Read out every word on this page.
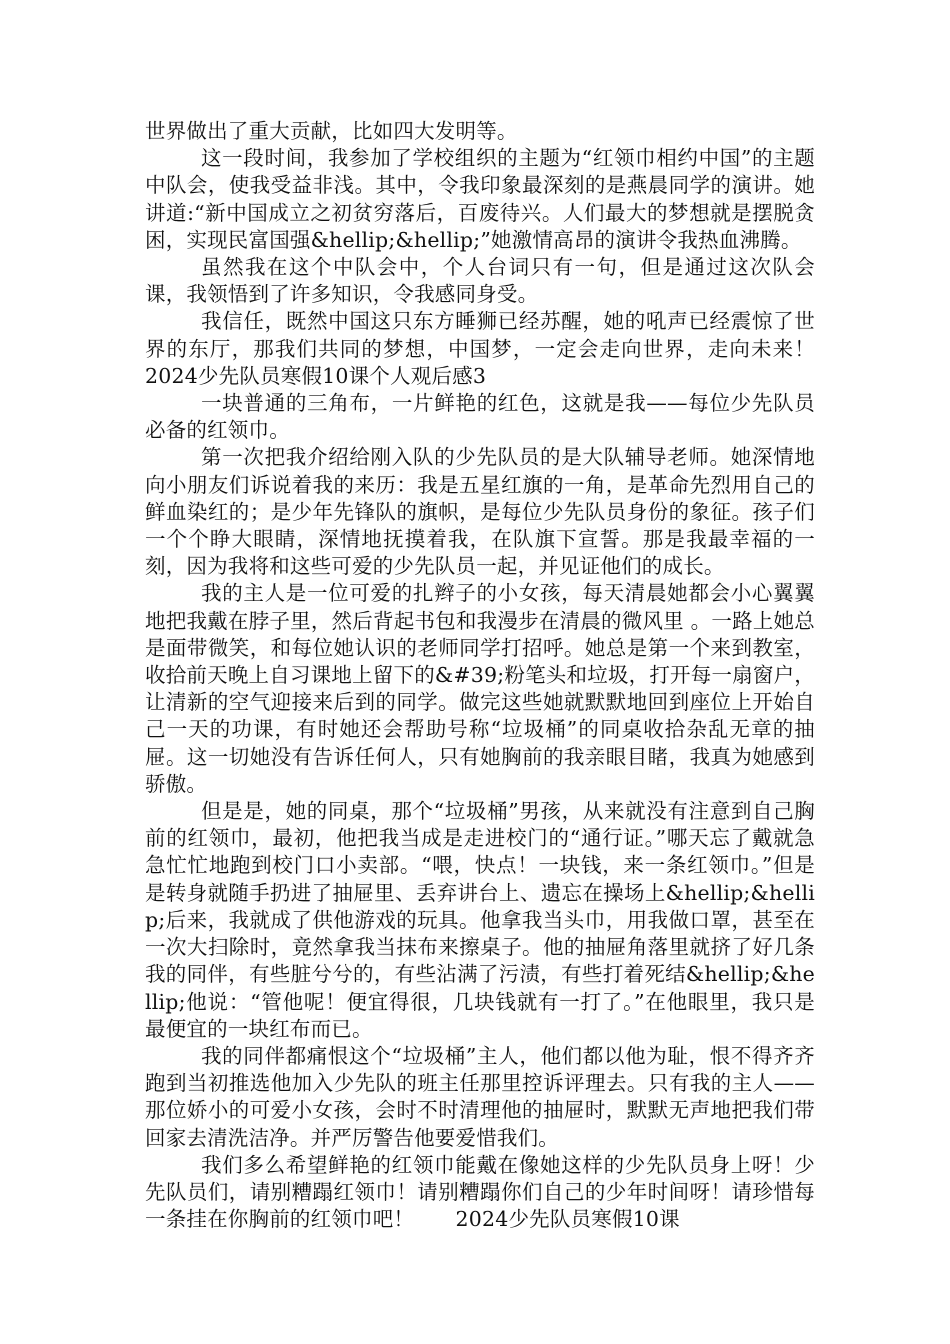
世界做出了重大贡献，比如四大发明等。

这一段时间，我参加了学校组织的主题为“红领巾相约中国”的主题中队会，使我受益非浅。其中，令我印象最深刻的是燕晨同学的演讲。她讲道:“新中国成立之初贫穷落后，百废待兴。人们最大的梦想就是摆脱贪困，实现民富国强&hellip;&hellip;”她激情高昂的演讲令我热血沸腾。

虽然我在这个中队会中，个人台词只有一句，但是通过这次队会课，我领悟到了许多知识，令我感同身受。

我信任，既然中国这只东方睡狮已经苏醒，她的吼声已经震惊了世界的东厅，那我们共同的梦想，中国梦，一定会走向世界，走向未来！　　2024少先队员寒假10课个人观后感3

一块普通的三角布，一片鲜艳的红色，这就是我——每位少先队员必备的红领巾。

第一次把我介绍给刚入队的少先队员的是大队辅导老师。她深情地向小朋友们诉说着我的来历：我是五星红旗的一角，是革命先烈用自己的鲜血染红的；是少年先锋队的旗帜，是每位少先队员身份的象征。孩子们一个个睁大眼睛，深情地抚摸着我，在队旗下宣誓。那是我最幸福的一刻，因为我将和这些可爱的少先队员一起，并见证他们的成长。

我的主人是一位可爱的扎辫子的小女孩，每天清晨她都会小心翼翼地把我戴在脖子里，然后背起书包和我漫步在清晨的微风里 。一路上她总是面带微笑，和每位她认识的老师同学打招呼。她总是第一个来到教室，收拾前天晚上自习课地上留下的&#39;粉笔头和垃圾，打开每一扇窗户，让清新的空气迎接来后到的同学。做完这些她就默默地回到座位上开始自己一天的功课，有时她还会帮助号称“垃圾桶”的同桌收拾杂乱无章的抽屉。这一切她没有告诉任何人，只有她胸前的我亲眼目睹，我真为她感到骄傲。

但是是，她的同桌，那个“垃圾桶”男孩，从来就没有注意到自己胸前的红领巾，最初，他把我当成是走进校门的“通行证。”哪天忘了戴就急急忙忙地跑到校门口小卖部。“喂，快点！一块钱，来一条红领巾。”但是是转身就随手扔进了抽屉里、丢弃讲台上、遗忘在操场上&hellip;&hellip;后来，我就成了供他游戏的玩具。他拿我当头巾，用我做口罩，甚至在一次大扫除时，竟然拿我当抹布来擦桌子。他的抽屉角落里就挤了好几条我的同伴，有些脏兮兮的，有些沾满了污渍，有些打着死结&hellip;&hellip;他说：“管他呢！便宜得很，几块钱就有一打了。”在他眼里，我只是最便宜的一块红布而已。

我的同伴都痛恨这个“垃圾桶”主人，他们都以他为耻，恨不得齐齐跑到当初推选他加入少先队的班主任那里控诉评理去。只有我的主人——那位娇小的可爱小女孩，会时不时清理他的抽屉时，默默无声地把我们带回家去清洗洁净。并严厉警告他要爱惜我们。

我们多么希望鲜艳的红领巾能戴在像她这样的少先队员身上呀！少先队员们，请别糟蹋红领巾！请别糟蹋你们自己的少年时间呀！请珍惜每一条挂在你胸前的红领巾吧！　　2024少先队员寒假10课
